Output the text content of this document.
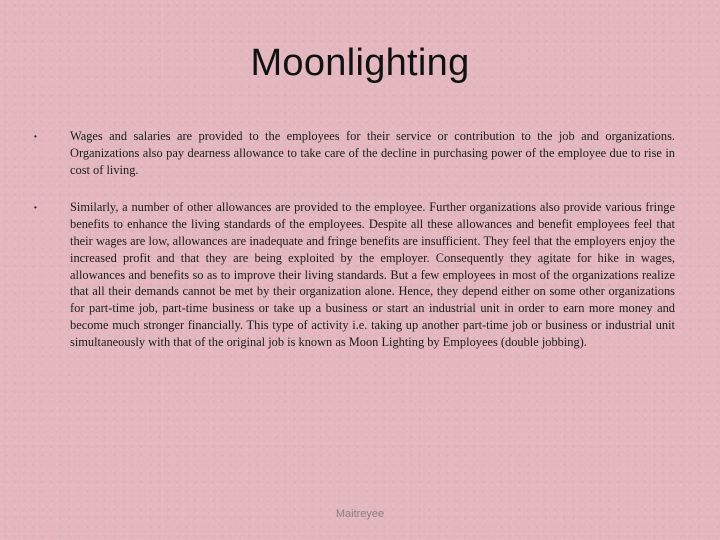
Moonlighting
•	Wages and salaries are provided to the employees for their service or contribution to the job and organizations. Organizations also pay dearness allowance to take care of the decline in purchasing power of the employee due to rise in cost of living.
•	Similarly, a number of other allowances are provided to the employee. Further organizations also provide various fringe benefits to enhance the living standards of the employees. Despite all these allowances and benefit employees feel that their wages are low, allowances are inadequate and fringe benefits are insufficient. They feel that the employers enjoy the increased profit and that they are being exploited by the employer. Consequently they agitate for hike in wages, allowances and benefits so as to improve their living standards. But a few employees in most of the organizations realize that all their demands cannot be met by their organization alone. Hence, they depend either on some other organizations for part-time job, part-time business or take up a business or start an industrial unit in order to earn more money and become much stronger financially. This type of activity i.e. taking up another part-time job or business or industrial unit simultaneously with that of the original job is known as Moon Lighting by Employees (double jobbing).
Maitreyee
